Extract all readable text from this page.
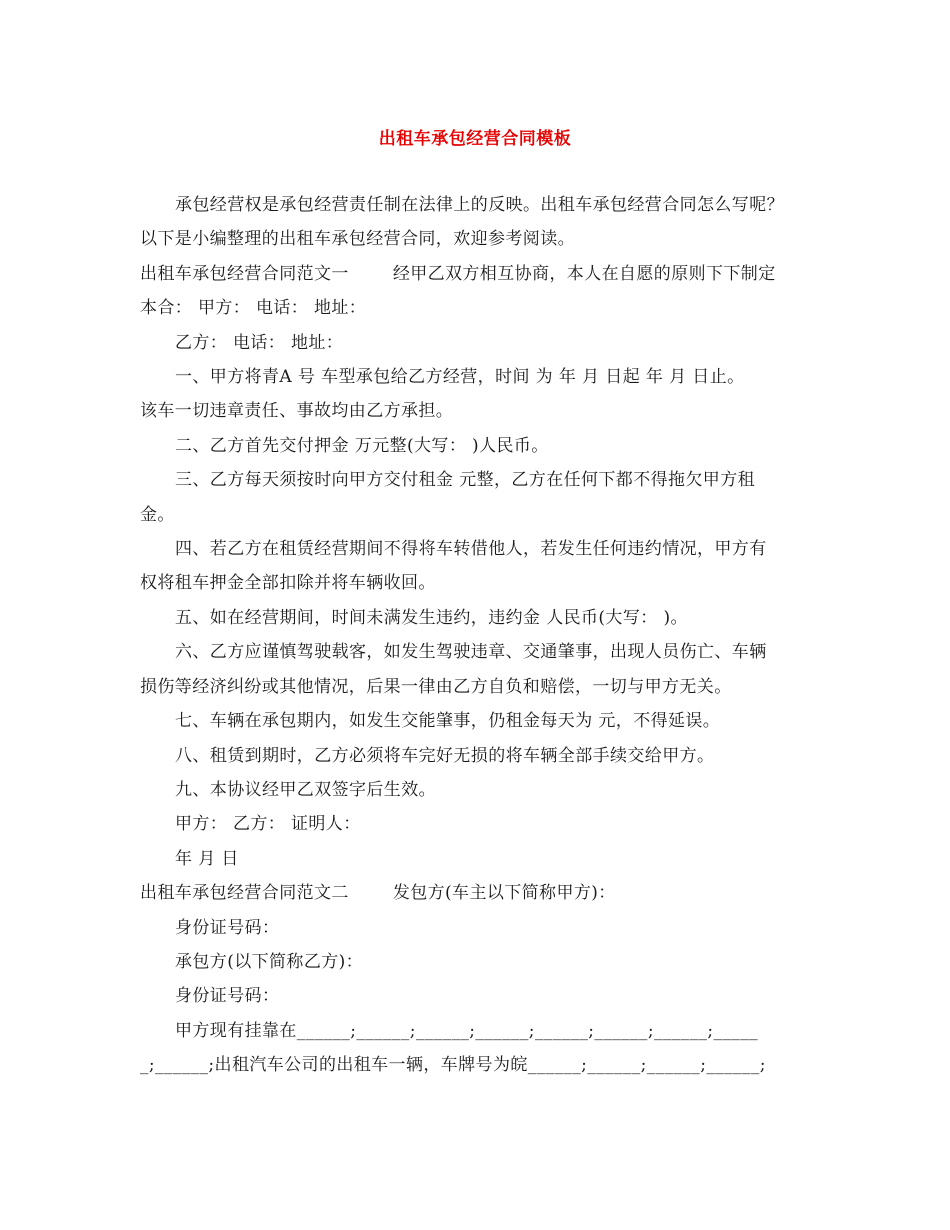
出租车承包经营合同模板

承包经营权是承包经营责任制在法律上的反映。出租车承包经营合同怎么写呢？

以下是小编整理的出租车承包经营合同，欢迎参考阅读。

出租车承包经营合同范文一	经甲乙双方相互协商，本人在自愿的原则下下制定

本合： 甲方： 电话： 地址：

乙方： 电话： 地址：

一、甲方将青A 号 车型承包给乙方经营，时间 为 年 月 日起 年 月 日止。

该车一切违章责任、事故均由乙方承担。

二、乙方首先交付押金 万元整(大写： )人民币。

三、乙方每天须按时向甲方交付租金 元整，乙方在任何下都不得拖欠甲方租

金。

四、若乙方在租赁经营期间不得将车转借他人，若发生任何违约情况，甲方有

权将租车押金全部扣除并将车辆收回。

五、如在经营期间，时间未满发生违约，违约金 人民币(大写： )。

六、乙方应谨慎驾驶载客，如发生驾驶违章、交通肇事，出现人员伤亡、车辆

损伤等经济纠纷或其他情况，后果一律由乙方自负和赔偿，一切与甲方无关。

七、车辆在承包期内，如发生交能肇事，仍租金每天为 元，不得延误。

八、租赁到期时，乙方必须将车完好无损的将车辆全部手续交给甲方。

九、本协议经甲乙双签字后生效。

甲方： 乙方： 证明人：

年 月 日

出租车承包经营合同范文二	发包方(车主以下简称甲方)：

身份证号码：

承包方(以下简称乙方)：

身份证号码：

甲方现有挂靠在______;______;______;______;______;______;______;_____

_;______;出租汽车公司的出租车一辆，车牌号为皖______;______;______;______;
